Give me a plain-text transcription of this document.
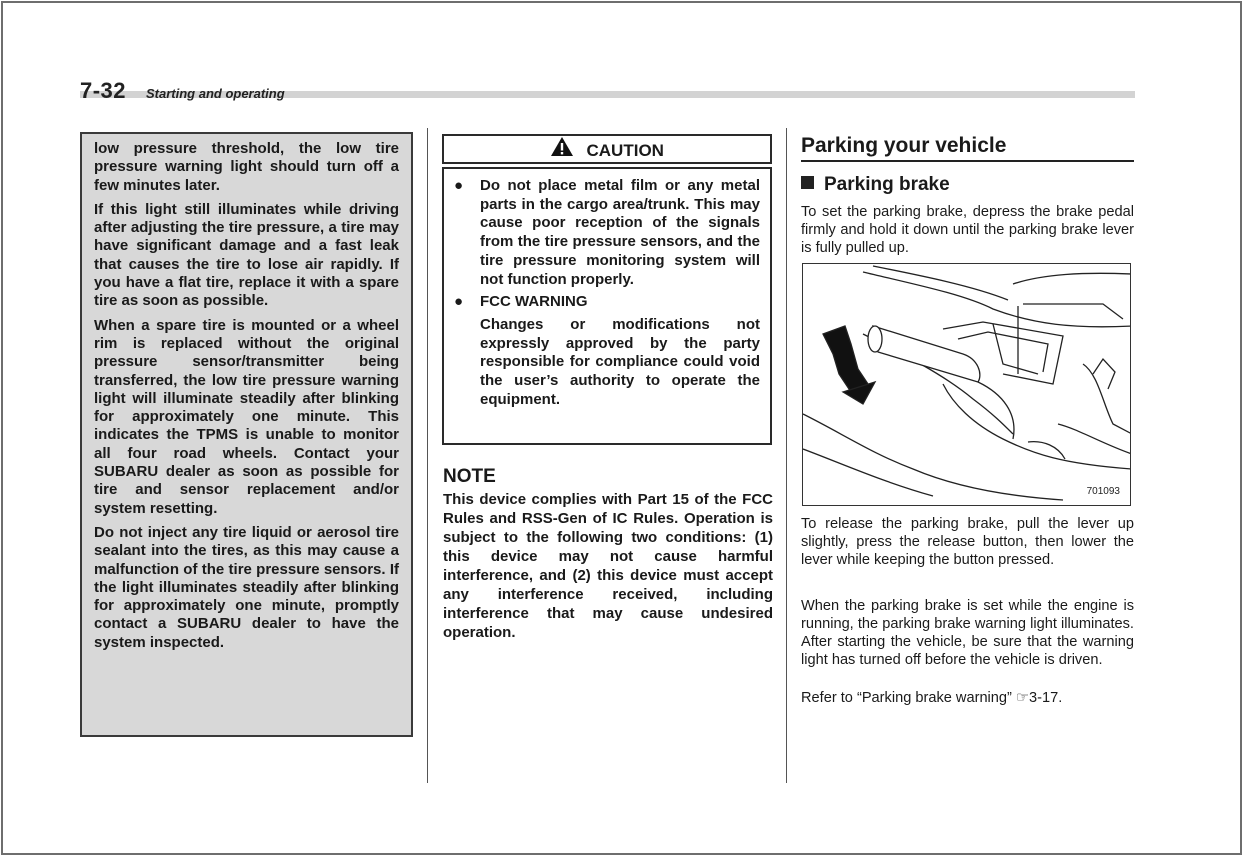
7-32 Starting and operating

low pressure threshold, the low tire pressure warning light should turn off a few minutes later.

If this light still illuminates while driving after adjusting the tire pressure, a tire may have significant damage and a fast leak that causes the tire to lose air rapidly. If you have a flat tire, replace it with a spare tire as soon as possible.

When a spare tire is mounted or a wheel rim is replaced without the original pressure sensor/transmitter being transferred, the low tire pressure warning light will illuminate steadily after blinking for approximately one minute. This indicates the TPMS is unable to monitor all four road wheels. Contact your SUBARU dealer as soon as possible for tire and sensor replacement and/or system resetting.

Do not inject any tire liquid or aerosol tire sealant into the tires, as this may cause a malfunction of the tire pressure sensors. If the light illuminates steadily after blinking for approximately one minute, promptly contact a SUBARU dealer to have the system inspected.

CAUTION
● Do not place metal film or any metal parts in the cargo area/trunk. This may cause poor reception of the signals from the tire pressure sensors, and the tire pressure monitoring system will not function properly.

● FCC WARNING

Changes or modifications not expressly approved by the party responsible for compliance could void the user’s authority to operate the equipment.

NOTE

This device complies with Part 15 of the FCC Rules and RSS-Gen of IC Rules. Operation is subject to the following two conditions: (1) this device may not cause harmful interference, and (2) this device must accept any interference received, including interference that may cause undesired operation.

Parking your vehicle
Parking brake

To set the parking brake, depress the brake pedal firmly and hold it down until the parking brake lever is fully pulled up.

701093

To release the parking brake, pull the lever up slightly, press the release button, then lower the lever while keeping the button pressed.

When the parking brake is set while the engine is running, the parking brake warning light illuminates. After starting the vehicle, be sure that the warning light has turned off before the vehicle is driven.

Refer to “Parking brake warning” ☞3-17.
